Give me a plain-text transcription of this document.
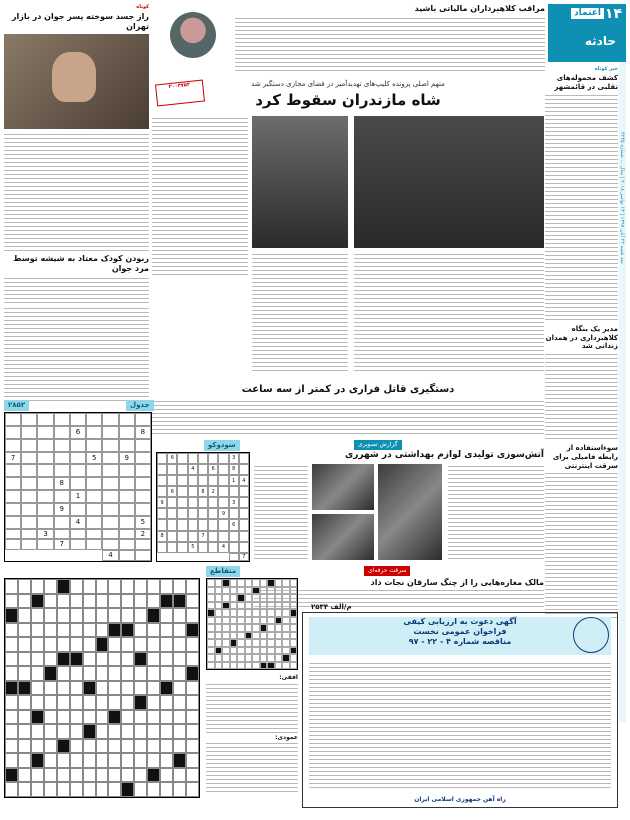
۱۴
اعتماد
حادثه
سه شنبه ۲۲ آبان ۱۳۹۷ | ۱۳ نوامبر ۲۰۱۸ | سال ... شماره ۴۲۴۵
خبر کوتاه
کشف محموله‌های تقلبی در قائمشهر
مدیر یک بنگاه کلاهبرداری در همدان زندانی شد
سوءاستفاده از رابطه فامیلی برای سرقت اینترنتی
مراقب کلاهبرداران مالیاتی باشید
متهم اصلی پرونده کلیپ‌های تهدیدآمیز در فضای مجازی دستگیر شد
شاه مازندران سقوط کرد
۳۰۰۳۷۵۳
کوتاه
راز جسد سوخته پسر جوان در بازار تهران
ربودن کودک معتاد به شیشه توسط مرد جوان
دستگیری قاتل فراری در کمتر از سه ساعت
گزارش تصویری
آتش‌سوزی تولیدی لوازم بهداشتی در شهرری
سرقت حرفه‌ای
مالک مغازه‌هایی را از چنگ سارقان نجات داد
۲۸۵۲	جدول
8
6
9
5
7
8
1
9
5
4
2
3
7
4
سودوکو
3
6
8
6
4
4
1
2
8
6
3
9
9
6
7
8
4
5
7
متقاطع
افقی:
عمودی:
م/الف ۲۵۳۴

آگهی دعوت به ارزیابی کیفی

فراخوان عمومی نخست

مناقصه شماره ۴ - ۲۲ - ۹۷

راه آهن جمهوری اسلامی ایران
